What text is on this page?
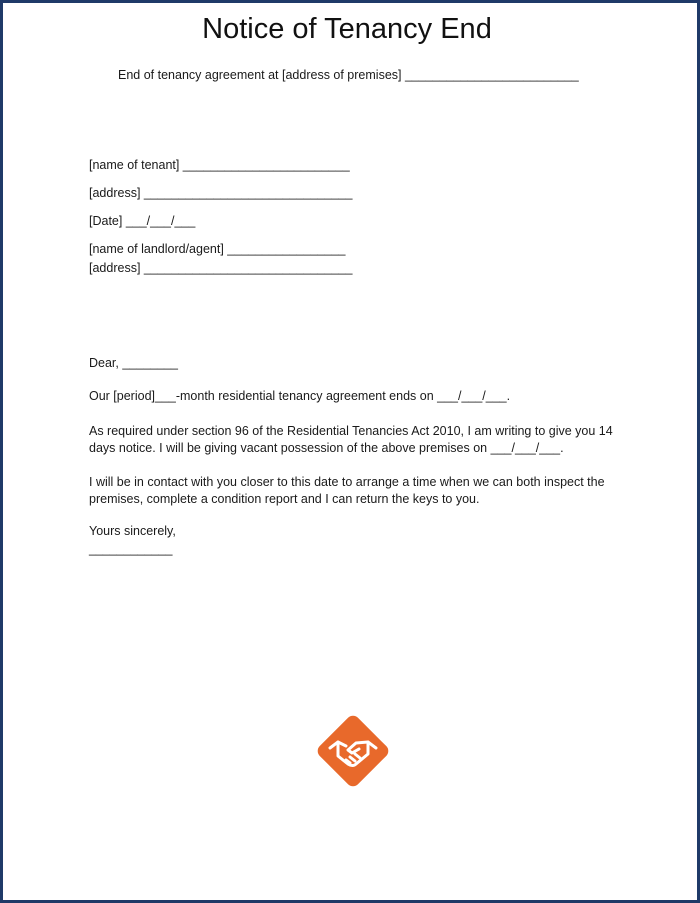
Notice of Tenancy End
End of tenancy agreement at [address of premises] _________________________
[name of tenant] ________________________
[address] ______________________________
[Date] ___/___/___
[name of landlord/agent] _________________
[address] ______________________________
Dear, ________
Our [period]___-month residential tenancy agreement ends on ___/___/___.
As required under section 96 of the Residential Tenancies Act 2010, I am writing to give you 14 days notice. I will be giving vacant possession of the above premises on ___/___/___.
I will be in contact with you closer to this date to arrange a time when we can both inspect the premises, complete a condition report and I can return the keys to you.
Yours sincerely,
____________
